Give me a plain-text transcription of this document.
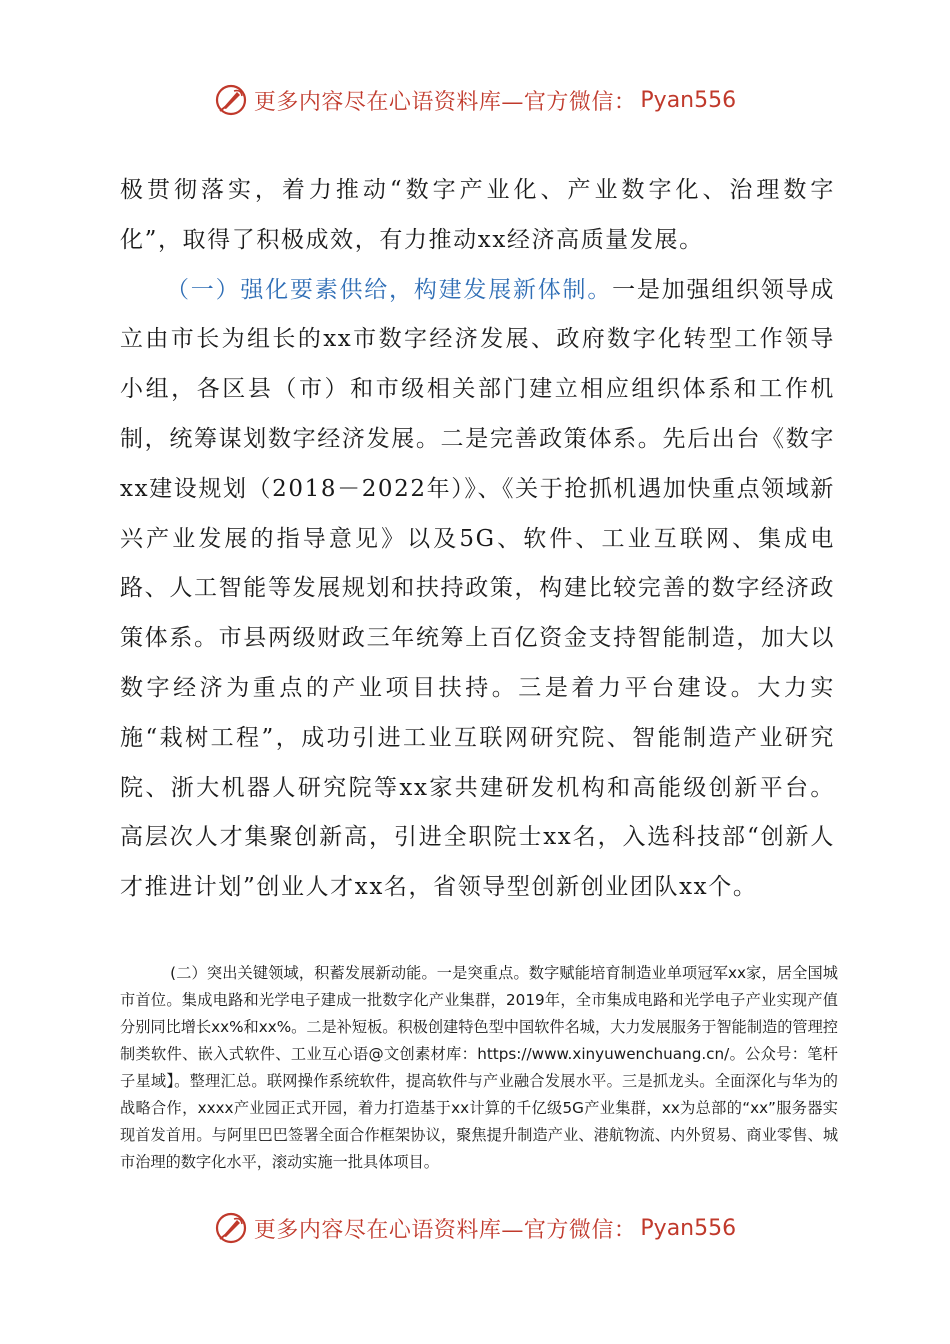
更多内容尽在心语资料库—官方微信： Pyan556

极贯彻落实，着力推动“数字产业化、产业数字化、治理数字化”，取得了积极成效，有力推动xx经济高质量发展。

（一）强化要素供给，构建发展新体制。一是加强组织领导成立由市长为组长的xx市数字经济发展、政府数字化转型工作领导小组，各区县（市）和市级相关部门建立相应组织体系和工作机制，统筹谋划数字经济发展。二是完善政策体系。先后出台《数字xx建设规划（2018－2022年）》、《关于抢抓机遇加快重点领域新兴产业发展的指导意见》以及5G、软件、工业互联网、集成电路、人工智能等发展规划和扶持政策，构建比较完善的数字经济政策体系。市县两级财政三年统筹上百亿资金支持智能制造，加大以数字经济为重点的产业项目扶持。三是着力平台建设。大力实施“栽树工程”，成功引进工业互联网研究院、智能制造产业研究院、浙大机器人研究院等xx家共建研发机构和高能级创新平台。高层次人才集聚创新高，引进全职院士xx名，入选科技部“创新人才推进计划”创业人才xx名，省领导型创新创业团队xx个。

(二）突出关键领域，积蓄发展新动能。一是突重点。数字赋能培育制造业单项冠军xx家，居全国城市首位。集成电路和光学电子建成一批数字化产业集群，2019年，全市集成电路和光学电子产业实现产值分别同比增长xx%和xx%。二是补短板。积极创建特色型中国软件名城，大力发展服务于智能制造的管理控制类软件、嵌入式软件、工业互心语@文创素材库：https://www.xinyuwenchuang.cn/。公众号：笔杆子星域】。整理汇总。联网操作系统软件，提高软件与产业融合发展水平。三是抓龙头。全面深化与华为的战略合作，xxxx产业园正式开园，着力打造基于xx计算的千亿级5G产业集群，xx为总部的“xx”服务器实现首发首用。与阿里巴巴签署全面合作框架协议，聚焦提升制造产业、港航物流、内外贸易、商业零售、城市治理的数字化水平，滚动实施一批具体项目。
更多内容尽在心语资料库—官方微信： Pyan556
